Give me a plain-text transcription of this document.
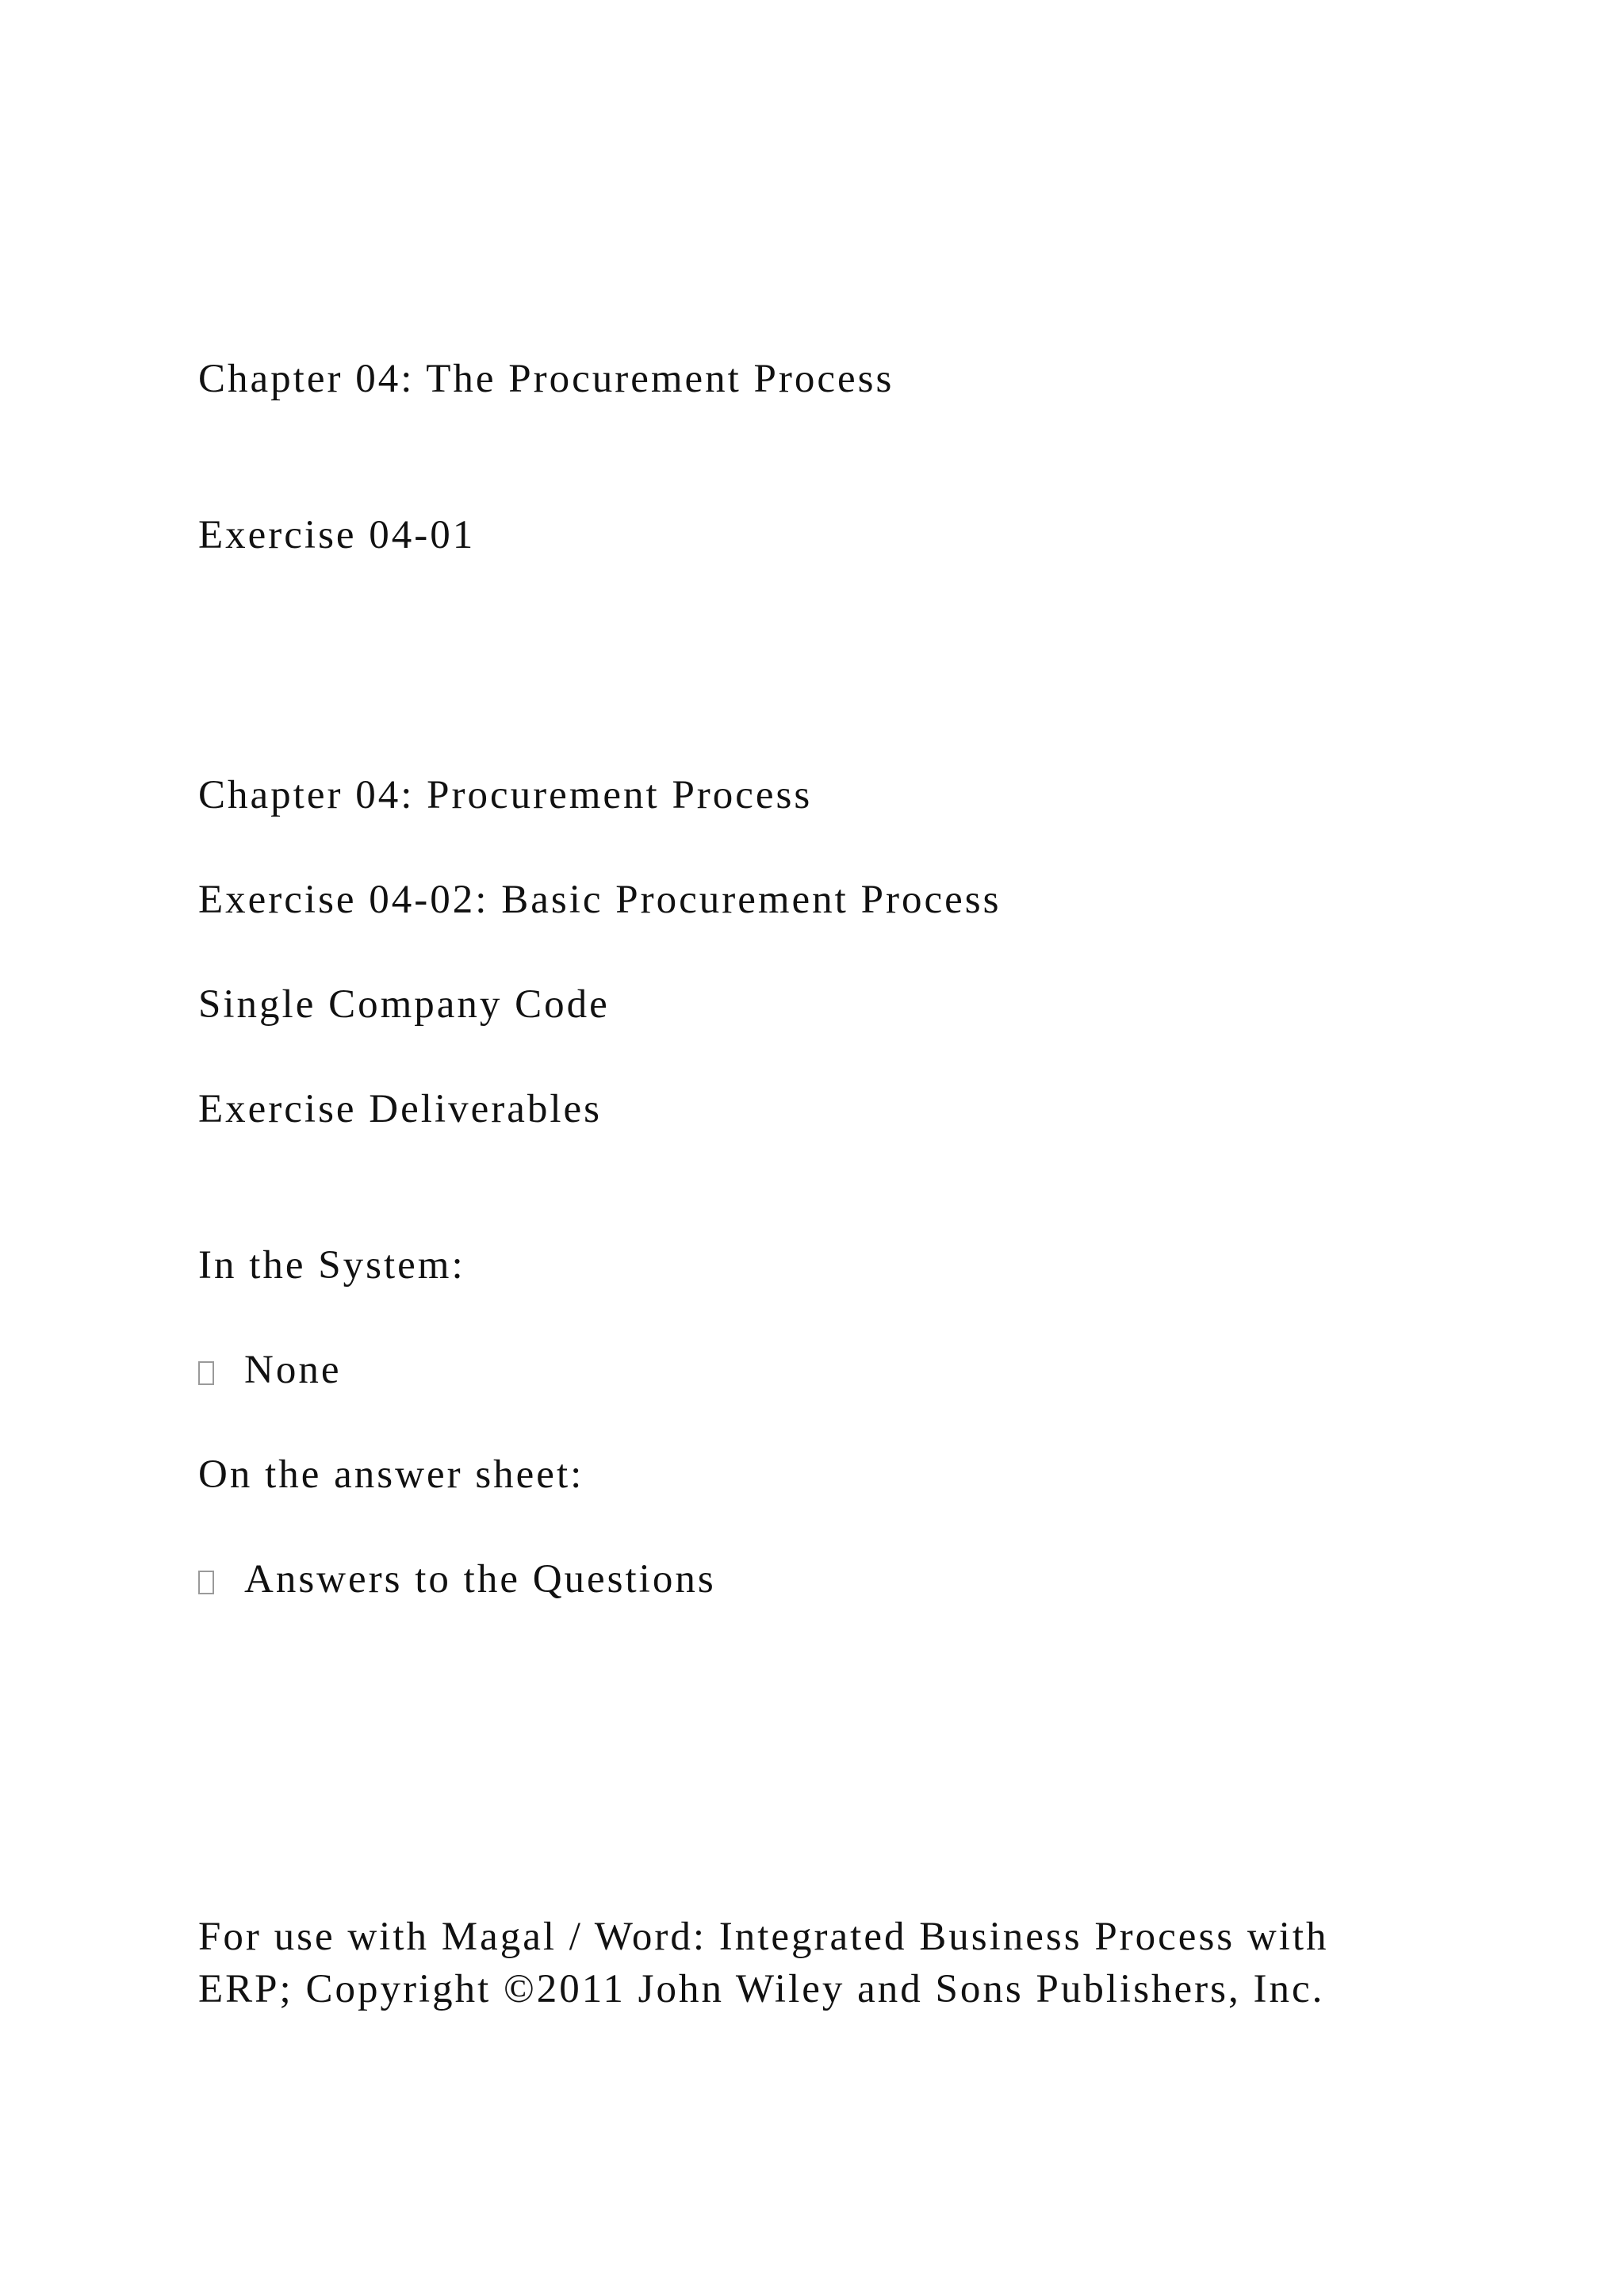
Chapter 04: The Procurement Process

Exercise 04-01

Chapter 04: Procurement Process

Exercise 04-02: Basic Procurement Process

Single Company Code

Exercise Deliverables

In the System:

None

On the answer sheet:

Answers to the Questions

For use with Magal / Word: Integrated Business Process with
ERP; Copyright ©2011 John Wiley and Sons Publishers, Inc.
